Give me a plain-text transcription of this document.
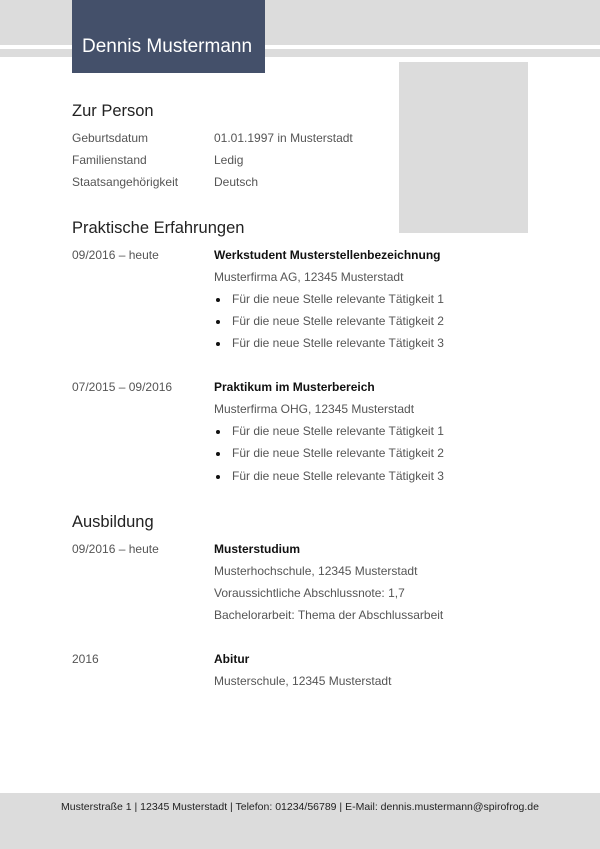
Dennis Mustermann
Zur Person
Geburtsdatum	01.01.1997 in Musterstadt
Familienstand	Ledig
Staatsangehörigkeit	Deutsch
Praktische Erfahrungen
09/2016 – heute	Werkstudent Musterstellenbezeichnung
Musterfirma AG, 12345 Musterstadt
Für die neue Stelle relevante Tätigkeit 1
Für die neue Stelle relevante Tätigkeit 2
Für die neue Stelle relevante Tätigkeit 3
07/2015 – 09/2016	Praktikum im Musterbereich
Musterfirma OHG, 12345 Musterstadt
Für die neue Stelle relevante Tätigkeit 1
Für die neue Stelle relevante Tätigkeit 2
Für die neue Stelle relevante Tätigkeit 3
Ausbildung
09/2016 – heute	Musterstudium
Musterhochschule, 12345 Musterstadt
Voraussichtliche Abschlussnote: 1,7
Bachelorarbeit: Thema der Abschlussarbeit
2016	Abitur
Musterschule, 12345 Musterstadt
Musterstraße 1 | 12345 Musterstadt | Telefon: 01234/56789 | E-Mail: dennis.mustermann@spirofrog.de
